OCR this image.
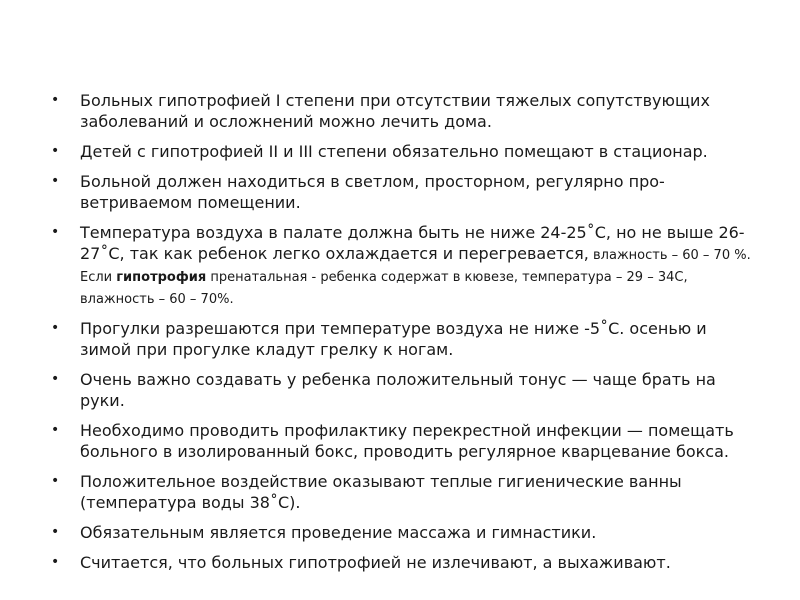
• Больных гипотрофией I степени при отсутствии тяжелых сопутствующих заболеваний и осложнений можно лечить дома.
• Детей с гипотрофией II и III степени обязательно помещают в стационар.
• Больной должен находиться в светлом, просторном, регулярно про-ветриваемом помещении.
• Температура воздуха в палате должна быть не ниже 24-25˚С, но не выше 26-27˚С, так как ребенок легко охлаждается и перегревается, влажность – 60 – 70 %. Если гипотрофия пренатальная - ребенка содержат в кювезе, температура – 29 – 34С, влажность – 60 – 70%.
• Прогулки разрешаются при температуре воздуха не ниже -5˚С. осенью и зимой при прогулке кладут грелку к ногам.
• Очень важно создавать у ребенка положительный тонус — чаще брать на руки.
• Необходимо проводить профилактику перекрестной инфекции — помещать больного в изолированный бокс, проводить регулярное кварцевание бокса.
• Положительное воздействие оказывают теплые гигиенические ванны (температура воды 38˚С).
• Обязательным является проведение массажа и гимнастики.
• Считается, что больных гипотрофией не излечивают, а выхаживают.
